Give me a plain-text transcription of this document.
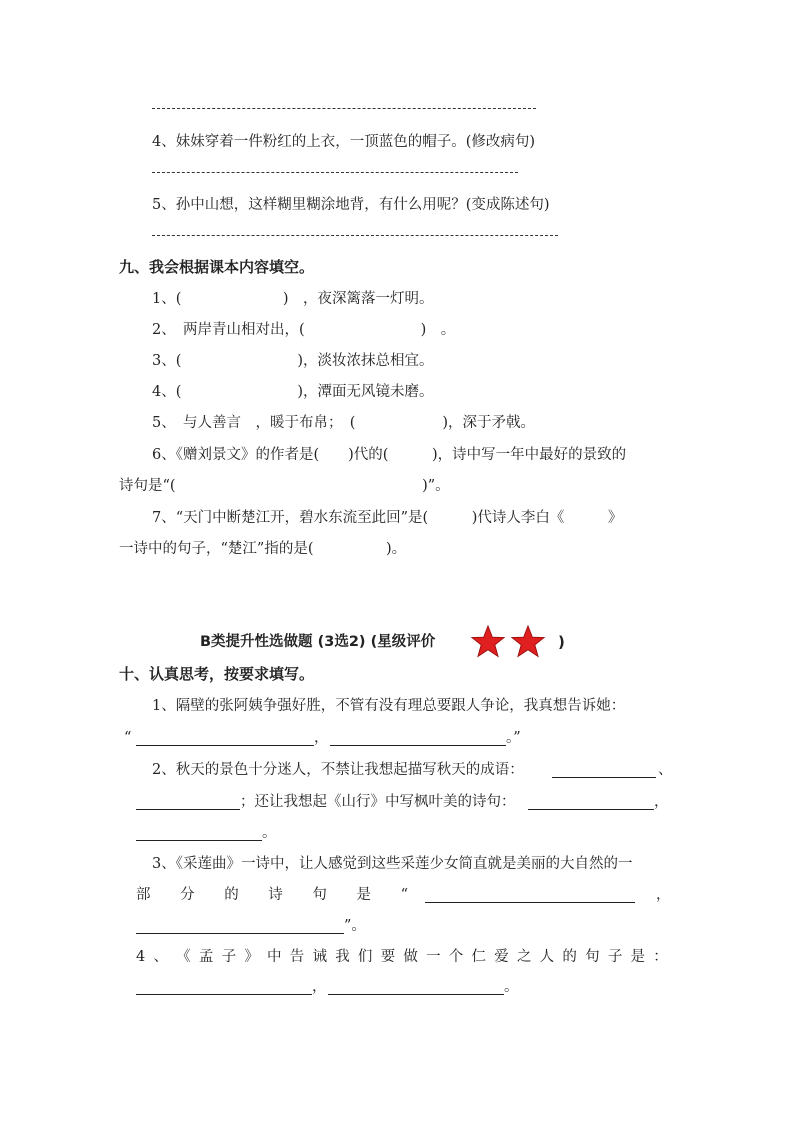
4、妹妹穿着一件粉红的上衣，一顶蓝色的帽子。(修改病句)
5、孙中山想，这样糊里糊涂地背，有什么用呢？(变成陈述句)
九、我会根据课本内容填空。
1、(　　　　　　　)　，夜深篱落一灯明。
2、　两岸青山相对出，(　　　　　　　　)　。
3、(　　　　　　　　)，淡妆浓抹总相宜。
4、(　　　　　　　　)，潭面无风镜未磨。
5、　与人善言　，暖于布帛；　(　　　　　　)，深于矛戟。
6、《赠刘景文》的作者是(　　)代的(　　　)，诗中写一年中最好的景致的
诗句是“(　　　　　　　　　　　　　　　　　)”。
7、“天门中断楚江开，碧水东流至此回”是(　　　)代诗人李白《　　　》
一诗中的句子，“楚江”指的是(　　　　　)。
B类提升性选做题 (3选2) (星级评价	)
十、认真思考，按要求填写。
1、隔壁的张阿姨争强好胜，不管有没有理总要跟人争论，我真想告诉她：
“	，	。”
2、秋天的景色十分迷人，不禁让我想起描写秋天的成语：	、
；还让我想起《山行》中写枫叶美的诗句：	，
。
3、《采莲曲》一诗中，让人感觉到这些采莲少女简直就是美丽的大自然的一
部 分 的 诗 句 是 “	，
”。
4 、 《 孟 子 》 中 告 诫 我 们 要 做 一 个 仁 爱 之 人 的 句 子 是 ：
，	。
